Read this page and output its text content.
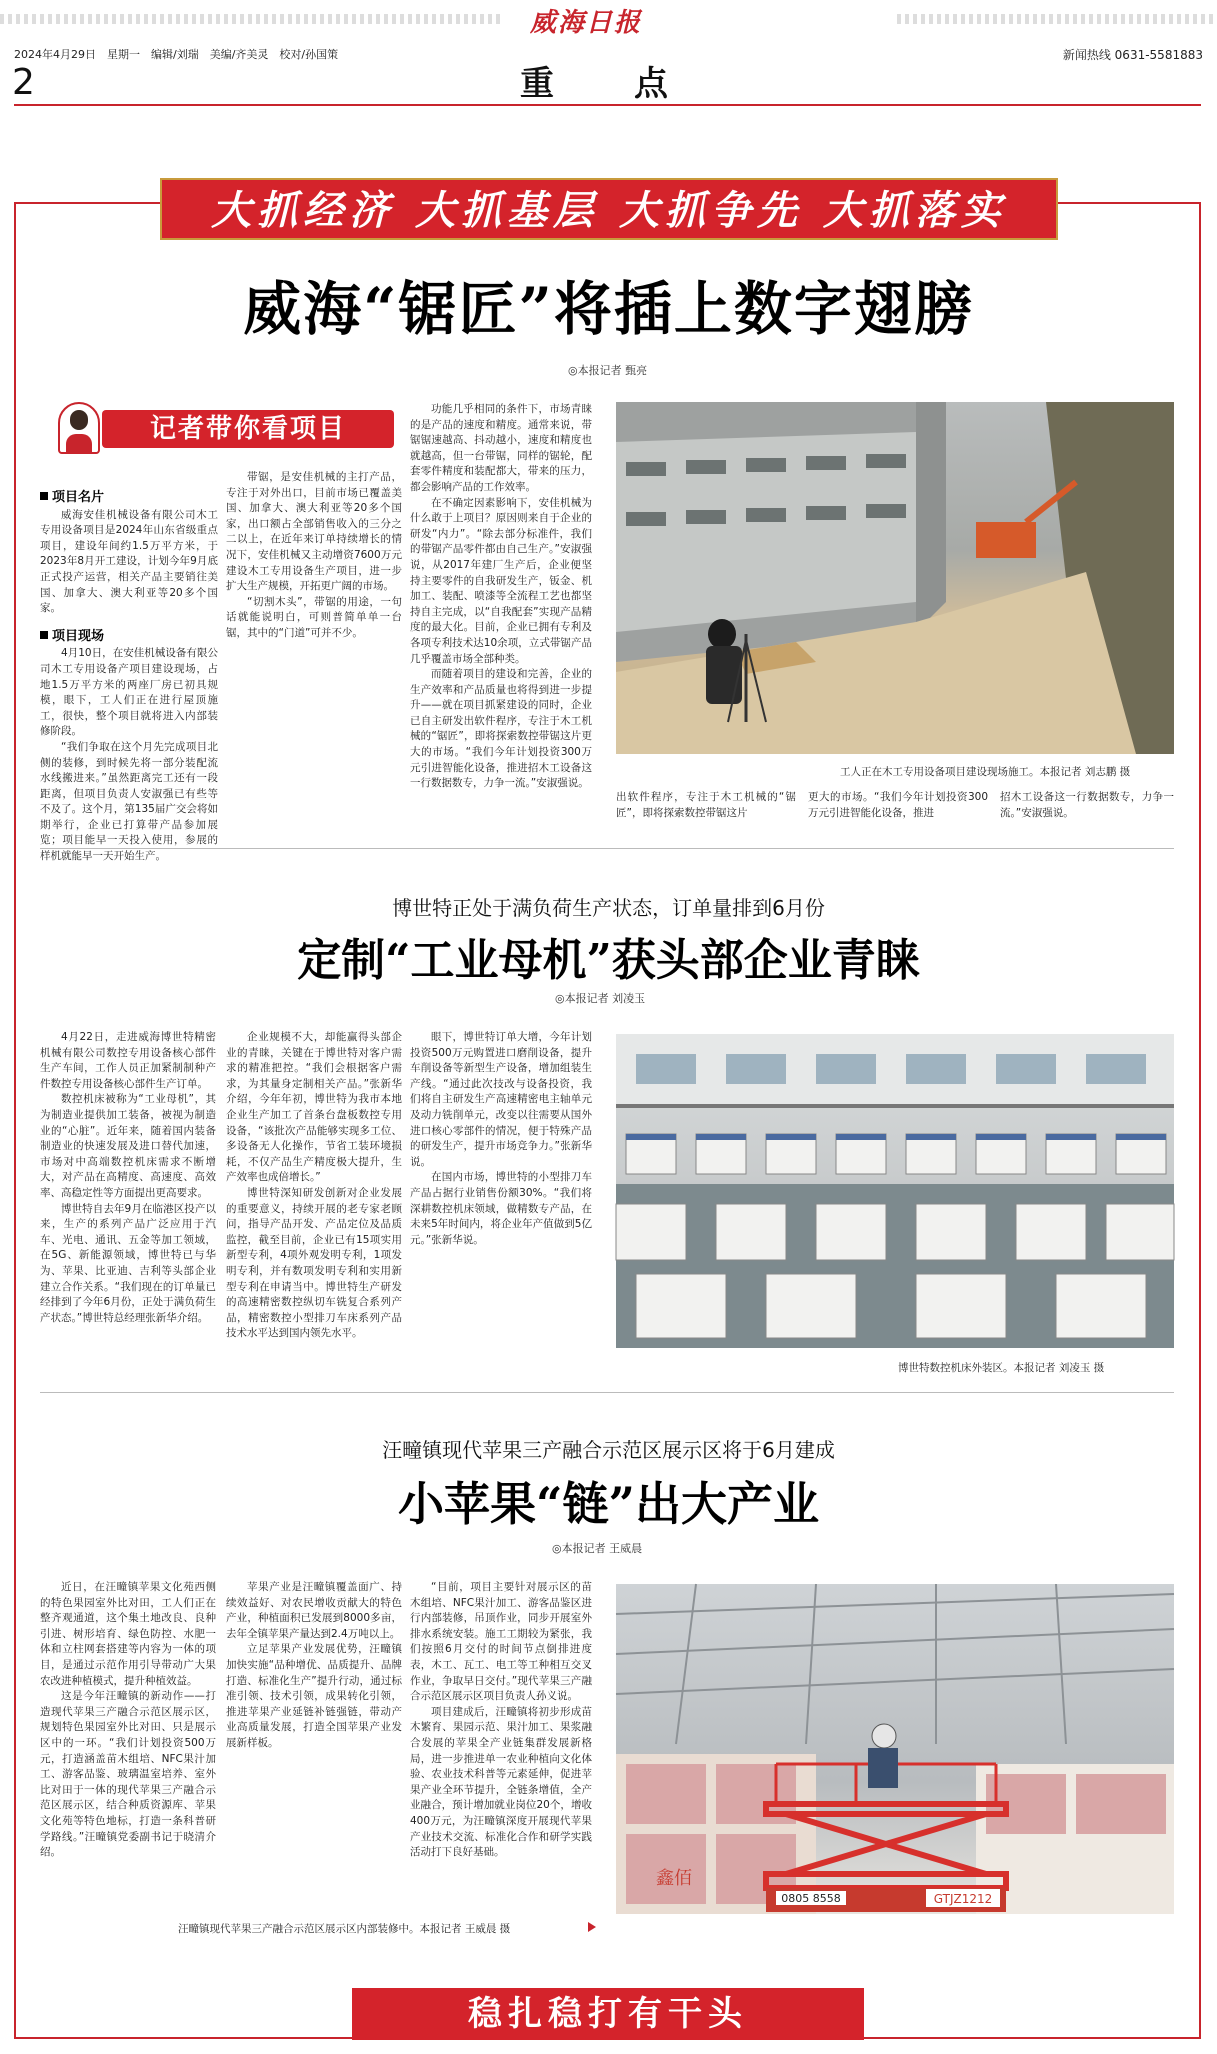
2024年4月29日　星期一　编辑/刘瑞　美编/齐美灵　校对/孙国策
2	重　　点
威海日报
新闻热线 0631-5581883
大抓经济 大抓基层 大抓争先 大抓落实
威海“锯匠”将插上数字翅膀
◎本报记者 甄亮
记者带你看项目
项目名片

威海安佳机械设备有限公司木工专用设备项目是2024年山东省级重点项目，建设年间约1.5万平方米，于2023年8月开工建设，计划今年9月底正式投产运营，相关产品主要销往美国、加拿大、澳大利亚等20多个国家。

项目现场

4月10日，在安佳机械设备有限公司木工专用设备产项目建设现场，占地1.5万平方米的两座厂房已初具规模，眼下，工人们正在进行屋顶施工，很快，整个项目就将进入内部装修阶段。

“我们争取在这个月先完成项目北侧的装修，到时候先将一部分装配流水线搬进来。”虽然距离完工还有一段距离，但项目负责人安淑强已有些等不及了。这个月，第135届广交会将如期举行，企业已打算带产品参加展览；项目能早一天投入使用，参展的样机就能早一天开始生产。

带锯，是安佳机械的主打产品，专注于对外出口，目前市场已覆盖美国、加拿大、澳大利亚等20多个国家，出口额占全部销售收入的三分之二以上，在近年来订单持续增长的情况下，安佳机械又主动增资7600万元建设木工专用设备生产项目，进一步扩大生产规模，开拓更广阔的市场。

“切割木头”，带锯的用途，一句话就能说明白，可则普简单单一台锯，其中的“门道”可并不少。

功能几乎相同的条件下，市场青睐的是产品的速度和精度。通常来说，带锯锯速越高、抖动越小，速度和精度也就越高，但一台带锯，同样的锯轮，配套零件精度和装配都大，带来的压力，都会影响产品的工作效率。

在不确定因素影响下，安佳机械为什么敢于上项目？原因则来自于企业的研发“内力”。“除去部分标准件，我们的带锯产品零件都由自己生产。”安淑强说，从2017年建厂生产后，企业便坚持主要零件的自我研发生产，钣金、机加工、装配、喷漆等全流程工艺也都坚持自主完成，以“自我配套”实现产品精度的最大化。目前，企业已拥有专利及各项专利技术达10余项，立式带锯产品几乎覆盖市场全部种类。

而随着项目的建设和完善，企业的生产效率和产品质量也将得到进一步提升——就在项目抓紧建设的同时，企业已自主研发出软件程序，专注于木工机械的“锯匠”，即将探索数控带锯这片更大的市场。“我们今年计划投资300万元引进智能化设备，推进招木工设备这一行数据数专，力争一流。”安淑强说。

工人正在木工专用设备项目建设现场施工。本报记者 刘志鹏 摄
出软件程序，专注于木工机械的“锯匠”，即将探索数控带锯这片
更大的市场。“我们今年计划投资300万元引进智能化设备，推进
招木工设备这一行数据数专，力争一流。”安淑强说。
博世特正处于满负荷生产状态，订单量排到6月份
定制“工业母机”获头部企业青睐
◎本报记者 刘凌玉

4月22日，走进威海博世特精密机械有限公司数控专用设备核心部件生产车间，工作人员正加紧制制种产件数控专用设备核心部件生产订单。

数控机床被称为“工业母机”，其为制造业提供加工装备，被视为制造业的“心脏”。近年来，随着国内装备制造业的快速发展及进口替代加速，市场对中高端数控机床需求不断增大，对产品在高精度、高速度、高效率、高稳定性等方面提出更高要求。

博世特自去年9月在临港区投产以来，生产的系列产品广泛应用于汽车、光电、通讯、五金等加工领域，在5G、新能源领域，博世特已与华为、苹果、比亚迪、吉利等头部企业建立合作关系。“我们现在的订单量已经排到了今年6月份，正处于满负荷生产状态。”博世特总经理张新华介绍。

企业规模不大，却能赢得头部企业的青睐，关键在于博世特对客户需求的精准把控。“我们会根据客户需求，为其量身定制相关产品。”张新华介绍，今年年初，博世特为我市本地企业生产加工了首条台盘板数控专用设备，“该批次产品能够实现多工位、多设备无人化操作，节省工装环境损耗，不仅产品生产精度极大提升，生产效率也成倍增长。”

博世特深知研发创新对企业发展的重要意义，持续开展的老专家老顾问，指导产品开发、产品定位及品质监控，截至目前，企业已有15项实用新型专利，4项外观发明专利，1项发明专利，并有数项发明专利和实用新型专利在申请当中。博世特生产研发的高速精密数控纵切车铣复合系列产品，精密数控小型排刀车床系列产品技术水平达到国内领先水平。

眼下，博世特订单大增，今年计划投资500万元购置进口磨削设备，提升车削设备等新型生产设备，增加组装生产线。“通过此次技改与设备投资，我们将自主研发生产高速精密电主轴单元及动力铣削单元，改变以往需要从国外进口核心零部件的情况，便于特殊产品的研发生产，提升市场竞争力。”张新华说。

在国内市场，博世特的小型排刀车产品占据行业销售份额30%。“我们将深耕数控机床领域，做精数专产品，在未来5年时间内，将企业年产值做到5亿元。”张新华说。

博世特数控机床外装区。本报记者 刘凌玉 摄
汪疃镇现代苹果三产融合示范区展示区将于6月建成
小苹果“链”出大产业
◎本报记者 王威晨

近日，在汪疃镇苹果文化苑西侧的特色果园室外比对田，工人们正在整齐观通道，这个集土地改良、良种引进、树形培育、绿色防控、水肥一体和立柱网套搭建等内容为一体的项目，是通过示范作用引导带动广大果农改进种植模式，提升种植效益。

这是今年汪疃镇的新动作——打造现代苹果三产融合示范区展示区，规划特色果园室外比对田、只是展示区中的一环。“我们计划投资500万元，打造涵盖苗木组培、NFC果汁加工、游客品鉴、玻璃温室培养、室外比对田于一体的现代苹果三产融合示范区展示区，结合种质资源库、苹果文化苑等特色地标，打造一条科普研学路线。”汪疃镇党委副书记于晓清介绍。

苹果产业是汪疃镇覆盖面广、持续效益好、对农民增收贡献大的特色产业，种植面积已发展到8000多亩，去年全镇苹果产量达到2.4万吨以上。

立足苹果产业发展优势，汪疃镇加快实施“品种增优、品质提升、品牌打造、标准化生产”提升行动，通过标准引领、技术引领，成果转化引领，推进苹果产业延链补链强链，带动产业高质量发展，打造全国苹果产业发展新样板。

“目前，项目主要针对展示区的苗木组培、NFC果汁加工、游客品鉴区进行内部装修，吊顶作业，同步开展室外排水系统安装。施工工期较为紧张，我们按照6月交付的时间节点倒排进度表，木工、瓦工、电工等工种相互交叉作业，争取早日交付。”现代苹果三产融合示范区展示区项目负责人孙义说。

项目建成后，汪疃镇将初步形成苗木繁育、果园示范、果汁加工、果浆融合发展的苹果全产业链集群发展新格局，进一步推进单一农业种植向文化体验、农业技术科普等元素延伸，促进苹果产业全环节提升，全链条增值，全产业融合，预计增加就业岗位20个，增收400万元，为汪疃镇深度开展现代苹果产业技术交流、标准化合作和研学实践活动打下良好基础。

0805 8558	GTJZ1212
鑫佰
汪疃镇现代苹果三产融合示范区展示区内部装修中。本报记者 王威晨 摄
稳扎稳打有干头
